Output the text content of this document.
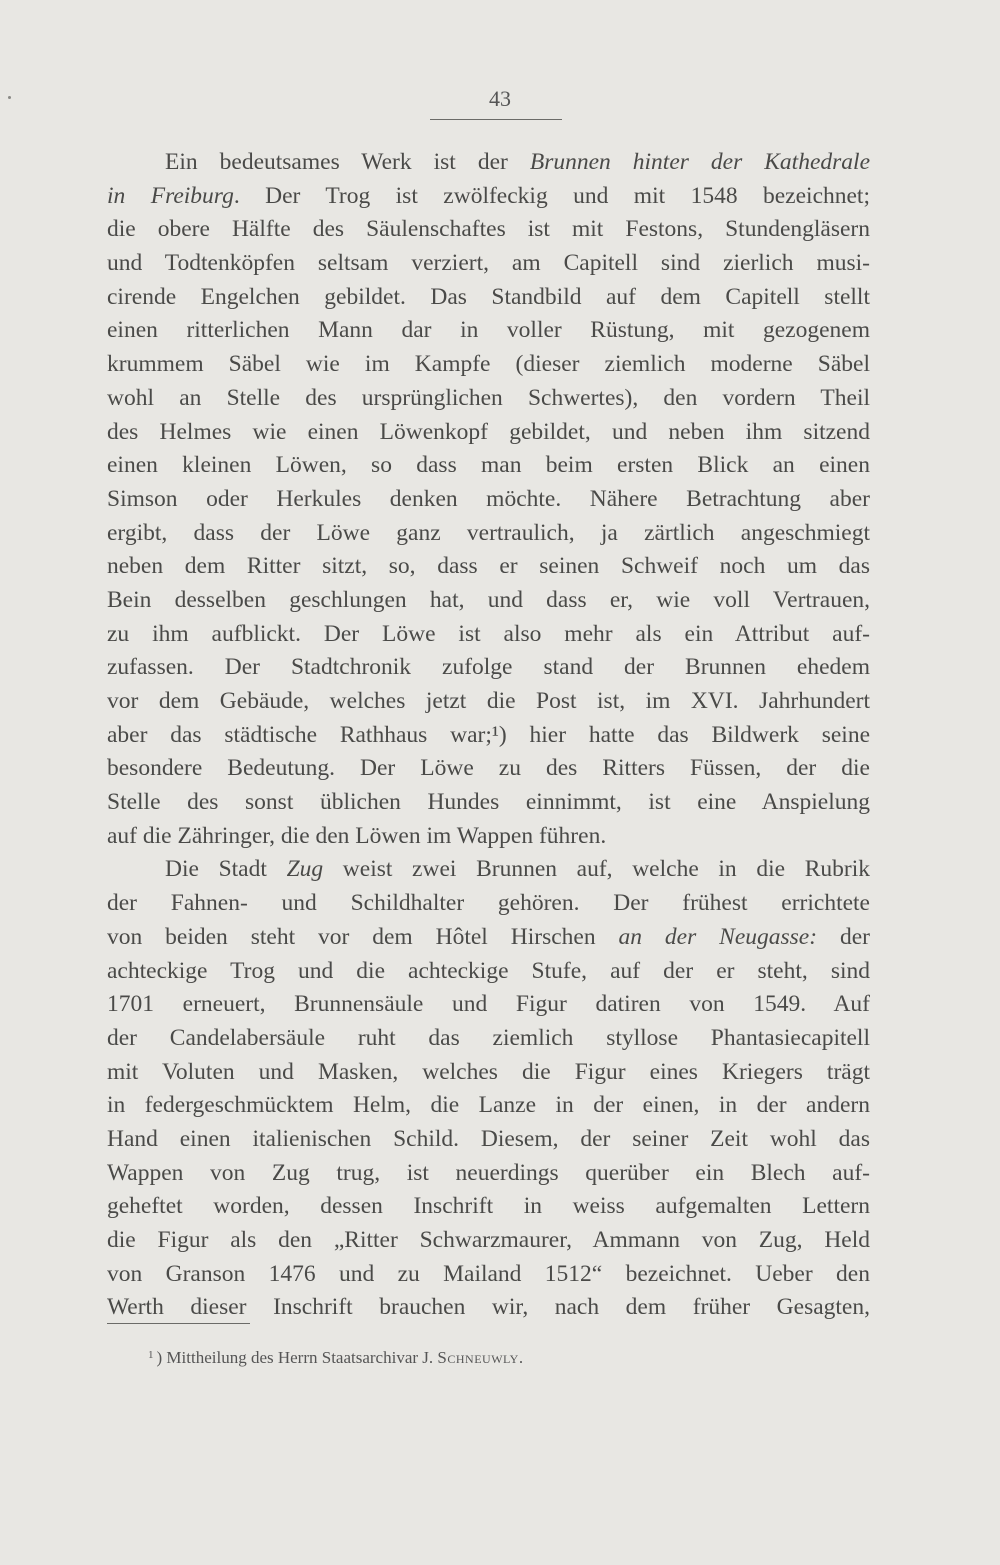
43
Ein bedeutsames Werk ist der Brunnen hinter der Kathedrale
in Freiburg. Der Trog ist zwölfeckig und mit 1548 bezeichnet;
die obere Hälfte des Säulenschaftes ist mit Festons, Stundengläsern
und Todtenköpfen seltsam verziert, am Capitell sind zierlich musi-
cirende Engelchen gebildet. Das Standbild auf dem Capitell stellt
einen ritterlichen Mann dar in voller Rüstung, mit gezogenem
krummem Säbel wie im Kampfe (dieser ziemlich moderne Säbel
wohl an Stelle des ursprünglichen Schwertes), den vordern Theil
des Helmes wie einen Löwenkopf gebildet, und neben ihm sitzend
einen kleinen Löwen, so dass man beim ersten Blick an einen
Simson oder Herkules denken möchte. Nähere Betrachtung aber
ergibt, dass der Löwe ganz vertraulich, ja zärtlich angeschmiegt
neben dem Ritter sitzt, so, dass er seinen Schweif noch um das
Bein desselben geschlungen hat, und dass er, wie voll Vertrauen,
zu ihm aufblickt. Der Löwe ist also mehr als ein Attribut auf-
zufassen. Der Stadtchronik zufolge stand der Brunnen ehedem
vor dem Gebäude, welches jetzt die Post ist, im XVI. Jahrhundert
aber das städtische Rathhaus war;¹) hier hatte das Bildwerk seine
besondere Bedeutung. Der Löwe zu des Ritters Füssen, der die
Stelle des sonst üblichen Hundes einnimmt, ist eine Anspielung
auf die Zähringer, die den Löwen im Wappen führen.
Die Stadt Zug weist zwei Brunnen auf, welche in die Rubrik
der Fahnen- und Schildhalter gehören. Der frühest errichtete
von beiden steht vor dem Hôtel Hirschen an der Neugasse: der
achteckige Trog und die achteckige Stufe, auf der er steht, sind
1701 erneuert, Brunnensäule und Figur datiren von 1549. Auf
der Candelabersäule ruht das ziemlich styllose Phantasiecapitell
mit Voluten und Masken, welches die Figur eines Kriegers trägt
in federgeschmücktem Helm, die Lanze in der einen, in der andern
Hand einen italienischen Schild. Diesem, der seiner Zeit wohl das
Wappen von Zug trug, ist neuerdings querüber ein Blech auf-
geheftet worden, dessen Inschrift in weiss aufgemalten Lettern
die Figur als den „Ritter Schwarzmaurer, Ammann von Zug, Held
von Granson 1476 und zu Mailand 1512“ bezeichnet. Ueber den
Werth dieser Inschrift brauchen wir, nach dem früher Gesagten,
$^1$ ) Mittheilung des Herrn Staatsarchivar J. Schneuwly.
